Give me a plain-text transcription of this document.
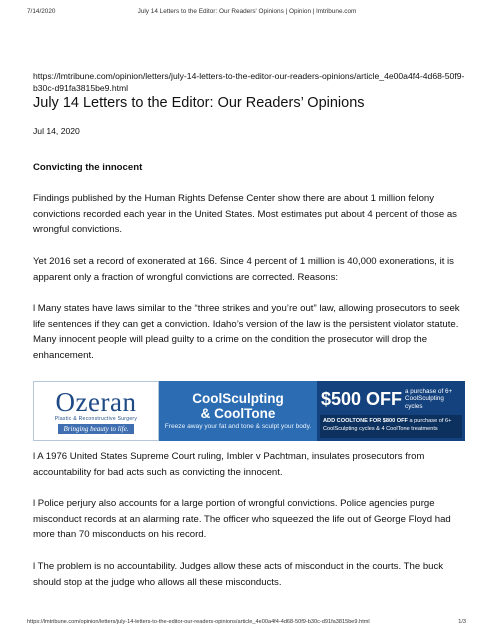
7/14/2020	July 14 Letters to the Editor: Our Readers' Opinions | Opinion | lmtribune.com
https://lmtribune.com/opinion/letters/july-14-letters-to-the-editor-our-readers-opinions/article_4e00a4f4-4d68-50f9-b30c-d91fa3815be9.html
July 14 Letters to the Editor: Our Readers’ Opinions
Jul 14, 2020
Convicting the innocent

Findings published by the Human Rights Defense Center show there are about 1 million felony convictions recorded each year in the United States. Most estimates put about 4 percent of those as wrongful convictions.

Yet 2016 set a record of exonerated at 166. Since 4 percent of 1 million is 40,000 exonerations, it is apparent only a fraction of wrongful convictions are corrected. Reasons:

l Many states have laws similar to the “three strikes and you’re out” law, allowing prosecutors to seek life sentences if they can get a conviction. Idaho’s version of the law is the persistent violator statute. Many innocent people will plead guilty to a crime on the condition the prosecutor will drop the enhancement.

Ozeran
Plastic & Reconstructive Surgery
Bringing beauty to life.
CoolSculpting
& CoolTone
Freeze away your fat and tone & sculpt your body.
$500 OFF a purchase of 6+ CoolSculpting cycles
ADD COOLTONE FOR $800 OFF a purchase of 6+ CoolSculpting cycles & 4 CoolTone treatments

l A 1976 United States Supreme Court ruling, Imbler v Pachtman, insulates prosecutors from accountability for bad acts such as convicting the innocent.

l Police perjury also accounts for a large portion of wrongful convictions. Police agencies purge misconduct records at an alarming rate. The officer who squeezed the life out of George Floyd had more than 70 misconducts on his record.

l The problem is no accountability. Judges allow these acts of misconduct in the courts. The buck should stop at the judge who allows all these misconducts.

https://lmtribune.com/opinion/letters/july-14-letters-to-the-editor-our-readers-opinions/article_4e00a4f4-4d68-50f9-b30c-d91fa3815be9.html	1/3
